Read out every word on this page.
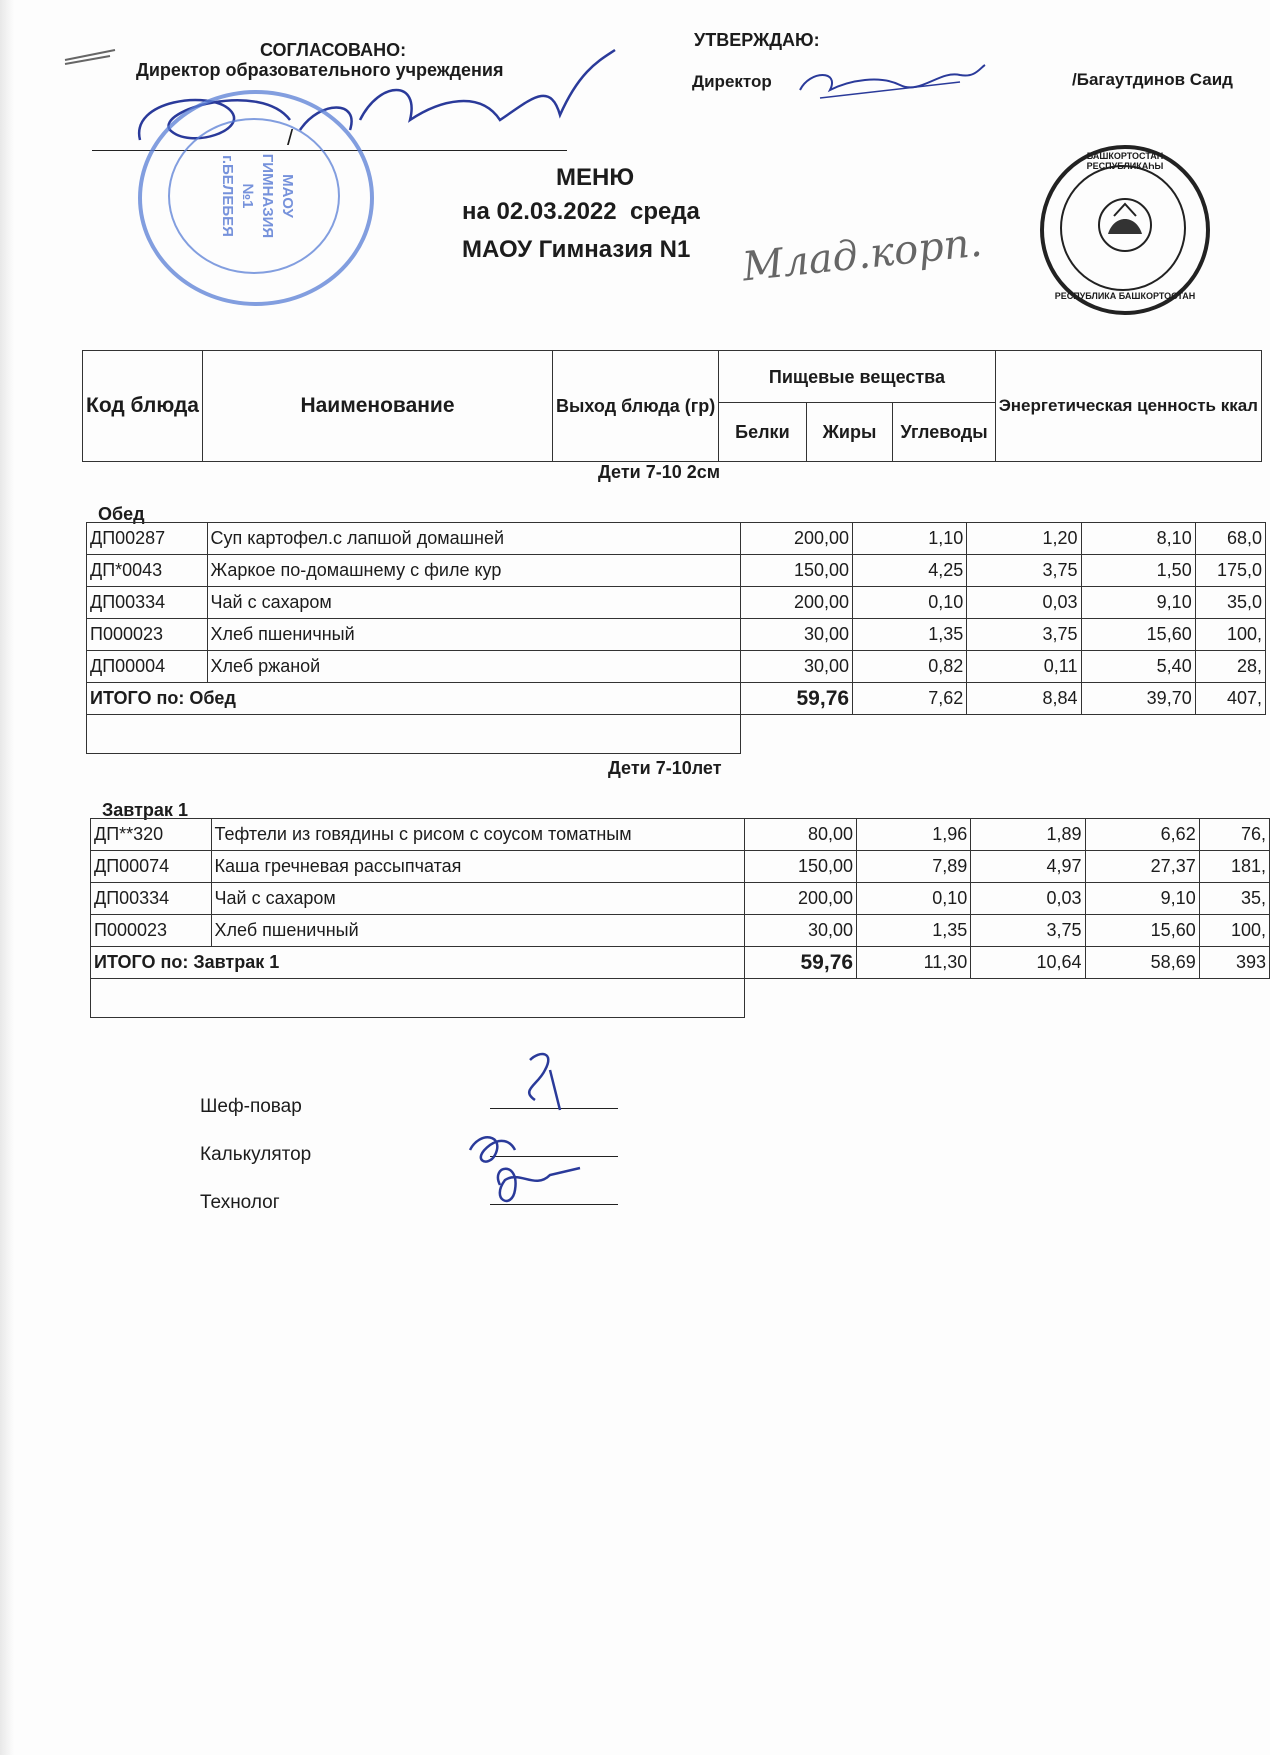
СОГЛАСОВАНО:
Директор образовательного учреждения
/
МАОУ
ГИМНАЗИЯ №1
г.БЕЛЕБЕЯ
УТВЕРЖДАЮ:
Директор	/Багаутдинов Саид
БАШКОРТОСТАН РЕСПУБЛИКАҺЫ
РЕСПУБЛИКА БАШКОРТОСТАН
МЕНЮ
на 02.03.2022  среда
МАОУ Гимназия N1 Млад.корп.
Код блюда	Наименование	Выход блюда (гр)	Пищевые вещества			Энергетическая ценность ккал
			Белки	Жиры	Углеводы	
Дети 7-10 2см
Обед
ДП00287	Суп картофел.с лапшой домашней	200,00	1,10	1,20	8,10	68,0
ДП*0043	Жаркое по-домашнему с филе кур	150,00	4,25	3,75	1,50	175,0
ДП00334	Чай с сахаром	200,00	0,10	0,03	9,10	35,0
П000023	Хлеб пшеничный	30,00	1,35	3,75	15,60	100,
ДП00004	Хлеб ржаной	30,00	0,82	0,11	5,40	28,
ИТОГО по: Обед		59,76	7,62	8,84	39,70	407,

Дети 7-10лет
Завтрак 1
ДП**320	Тефтели из говядины с рисом с соусом томатным	80,00	1,96	1,89	6,62	76,
ДП00074	Каша гречневая рассыпчатая	150,00	7,89	4,97	27,37	181,
ДП00334	Чай с сахаром	200,00	0,10	0,03	9,10	35,
П000023	Хлеб пшеничный	30,00	1,35	3,75	15,60	100,
ИТОГО по: Завтрак 1		59,76	11,30	10,64	58,69	393

Шеф-повар
Калькулятор
Технолог
